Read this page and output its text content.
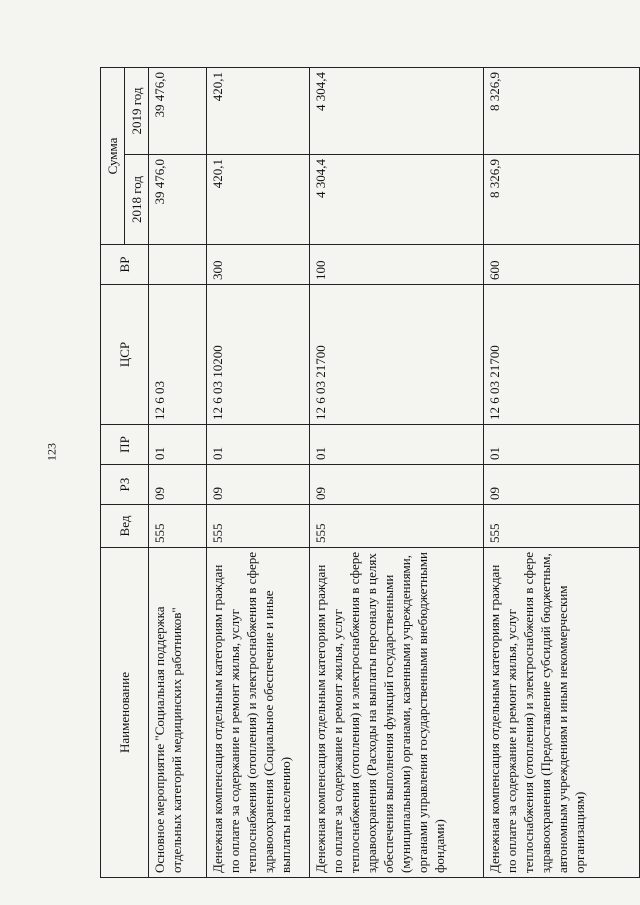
123
Наименование	Вед	РЗ	ПР	ЦСР	ВР	Сумма	
						2018 год	2019 год
Основное мероприятие "Социальная поддержка отдельных категорий медицинских работников"	555	09	01	12 6 03		39 476,0	39 476,0
Денежная компенсация отдельным категориям граждан по оплате за содержание и ремонт жилья, услуг теплоснабжения (отопления) и электроснабжения в сфере здравоохранения (Социальное обеспечение и иные выплаты населению)	555	09	01	12 6 03 10200	300	420,1	420,1
Денежная компенсация отдельным категориям граждан по оплате за содержание и ремонт жилья, услуг теплоснабжения (отопления) и электроснабжения в сфере здравоохранения (Расходы на выплаты персоналу в целях обеспечения выполнения функций государственными (муниципальными) органами, казенными учреждениями, органами управления государственными внебюджетными фондами)	555	09	01	12 6 03 21700	100	4 304,4	4 304,4
Денежная компенсация отдельным категориям граждан по оплате за содержание и ремонт жилья, услуг теплоснабжения (отопления) и электроснабжения в сфере здравоохранения (Предоставление субсидий бюджетным, автономным учреждениям и иным некоммерческим организациям)	555	09	01	12 6 03 21700	600	8 326,9	8 326,9
